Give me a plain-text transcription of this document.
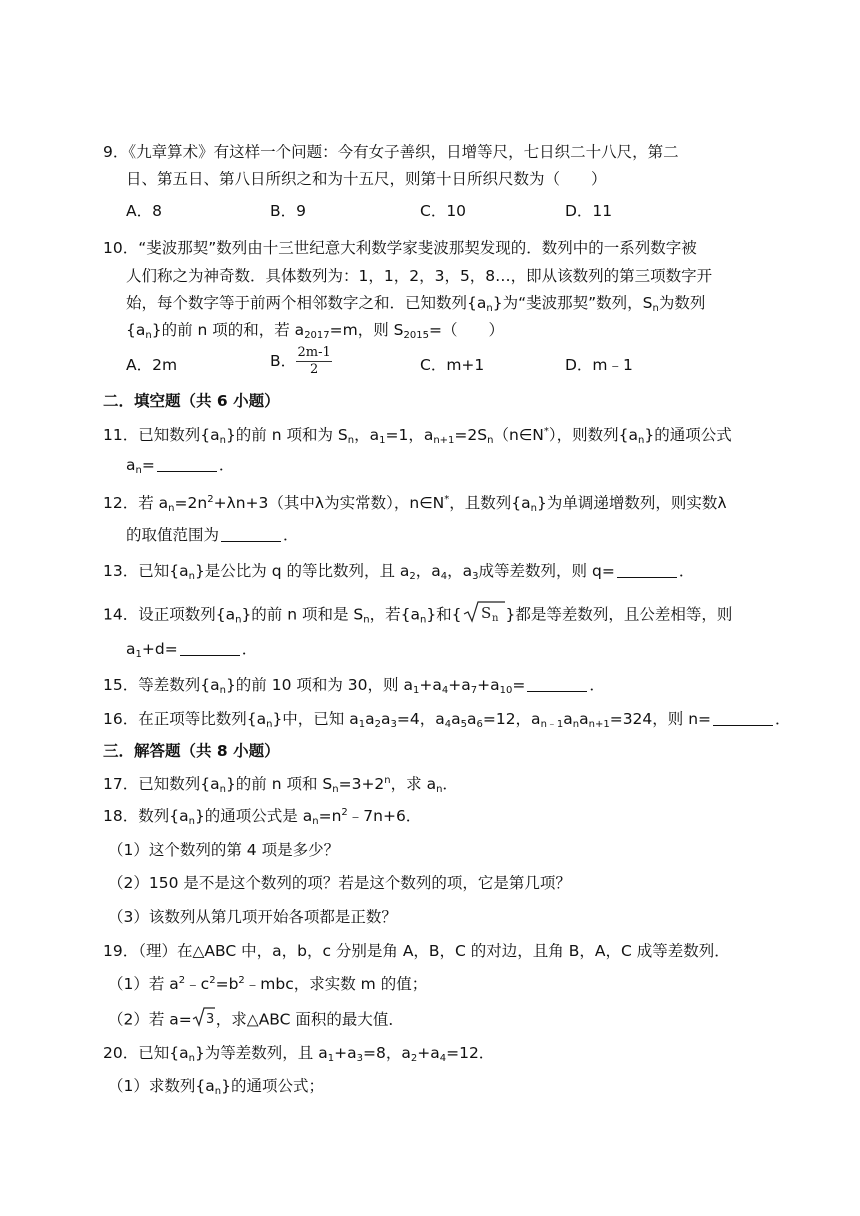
9．《九章算术》有这样一个问题：今有女子善织，日增等尺，七日织二十八尺，第二
日、第五日、第八日所织之和为十五尺，则第十日所织尺数为（　　）
A．8	B．9	C．10	D．11
10．“斐波那契”数列由十三世纪意大利数学家斐波那契发现的．数列中的一系列数字被
人们称之为神奇数．具体数列为：1，1，2，3，5，8…，即从该数列的第三项数字开
始，每个数字等于前两个相邻数字之和．已知数列$\{a_n\}$为“斐波那契”数列，$S_n$为数列
$\{a_n\}$的前 n 项的和，若 $a_{2017}=m$，则 $S_{2015}=$（　　）
A．2m	B． $\frac{2m-1}{2}$	C．m+1	D．m﹣1
二．填空题（共 6 小题）
11．已知数列$\{a_n\}$的前 n 项和为 $S_n$，$a_1=1$，$a_{n+1}=2S_n(n\in N^*)$，则数列$\{a_n\}$的通项公式
$a_n=$	．
12．若 $a_n=2n^2+\lambda n+3$（其中λ为实常数），n∈N*，且数列$\{a_n\}$为单调递增数列，则实数λ
的取值范围为	．
13．已知$\{a_n\}$是公比为 q 的等比数列，且 $a_2$，$a_4$，$a_3$成等差数列，则 q=	．
14．设正项数列$\{a_n\}$的前 n 项和是 $S_n$，若$\{a_n\}$和{ S n }都是等差数列，且公差相等，则
$a_1+d=$	．
15．等差数列$\{a_n\}$的前 10 项和为 30，则 $a_1+a_4+a_7+a_{10}=$	．
16．在正项等比数列$\{a_n\}$中，已知 $a_1a_2a_3=4$，$a_4a_5a_6=12$，$a_{n﹣1}a_na_{n+1}=324$，则 n=	．
三．解答题（共 8 小题）
17．已知数列$\{a_n\}$的前 n 项和 $S_n=3+2^n$，求 $a_n$．
18．数列$\{a_n\}$的通项公式是 $a_n=n^2﹣7n+6$．
（1）这个数列的第 4 项是多少？
（2）150 是不是这个数列的项？若是这个数列的项，它是第几项？
（3）该数列从第几项开始各项都是正数？
19．（理）在△ABC 中，a，b，c 分别是角 A，B，C 的对边，且角 B，A，C 成等差数列．
（1）若 $a^2﹣c^2=b^2﹣mbc$，求实数 m 的值；
（2）若 a= 3 ，求△ABC 面积的最大值．
20．已知$\{a_n\}$为等差数列，且 $a_1+a_3=8$，$a_2+a_4=12$．
（1）求数列$\{a_n\}$的通项公式；
